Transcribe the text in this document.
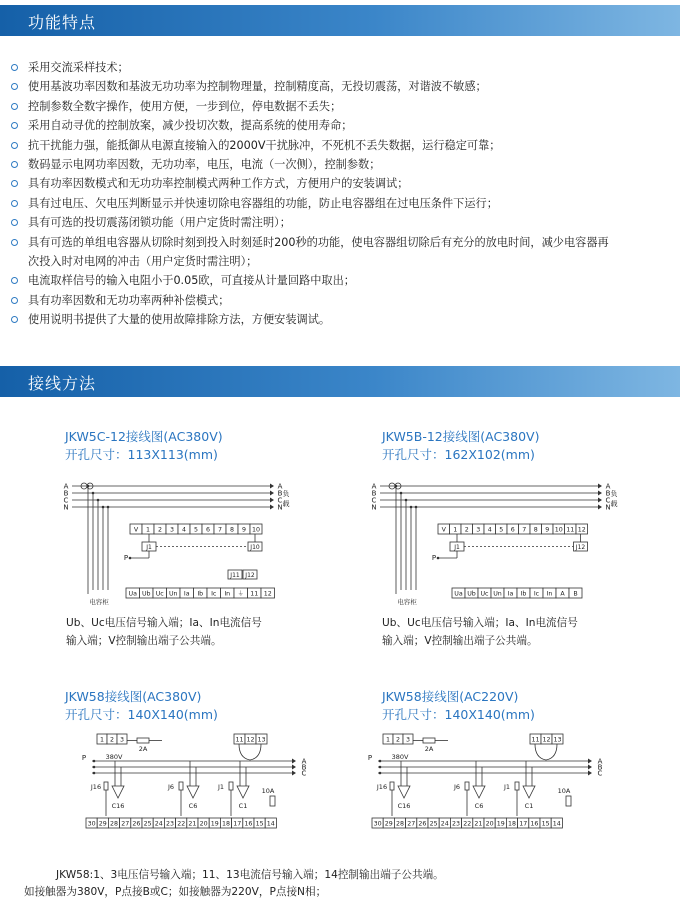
功能特点
采用交流采样技术；
使用基波功率因数和基波无功功率为控制物理量，控制精度高，无投切震荡，对谐波不敏感；
控制参数全数字操作，使用方便，一步到位，停电数据不丢失；
采用自动寻优的控制放案，减少投切次数，提高系统的使用寿命；
抗干扰能力强，能抵御从电源直接输入的2000V干扰脉冲，不死机不丢失数据，运行稳定可靠；
数码显示电网功率因数，无功功率，电压，电流（一次侧），控制参数；
具有功率因数模式和无功功率控制模式两种工作方式，方便用户的安装调试；
具有过电压、欠电压判断显示并快速切除电容器组的功能，防止电容器组在过电压条件下运行；
具有可选的投切震荡闭锁功能（用户定货时需注明）；
具有可选的单组电容器从切除时刻到投入时刻延时200秒的功能，使电容器组切除后有充分的放电时间，减少电容器再
次投入时对电网的冲击（用户定货时需注明）；
电流取样信号的输入电阻小于0.05欧，可直接从计量回路中取出；
具有功率因数和无功功率两种补偿模式；
使用说明书提供了大量的使用故障排除方法，方便安装调试。
接线方法
JKW5C-12接线图(AC380V)
开孔尺寸：113X113(mm)
JKW5B-12接线图(AC380V)
开孔尺寸：162X102(mm)
A	A
B	B
C	C
N	N
负
载
V 1 2 3 4 5 6 7 8 9 10
J1	J10
P
J11 J12
Ua Ub Uc Un Ia Ib Ic In ⏚ 11 12
电容柜
A	A
B	B
C	C
N	N
负
载
V 1 2 3 4 5 6 7 8 9 10 11 12
J1	J12
P
Ua Ub Uc Un Ia Ib Ic In A B
电容柜
Ub、Uc电压信号输入端；Ia、In电流信号
输入端；V控制输出端子公共端。
Ub、Uc电压信号输入端；Ia、In电流信号
输入端；V控制输出端子公共端。
JKW58接线图(AC380V)
开孔尺寸：140X140(mm)
JKW58接线图(AC220V)
开孔尺寸：140X140(mm)
1 2 3
2A
380V
11 12 13
A
B
C
P
J16
C16
J6
C6
J1
C1
10A
30 29 28 27 26 25 24 23 22 21 20 19 18 17 16 15 14
1 2 3
2A
380V
11 12 13
A
B
C
P
J16
C16
J6
C6
J1
C1
10A
30 29 28 27 26 25 24 23 22 21 20 19 18 17 16 15 14
JKW58:1、3电压信号输入端；11、13电流信号输入端；14控制输出端子公共端。
如接触器为380V，P点接B或C；如接触器为220V，P点接N相；
